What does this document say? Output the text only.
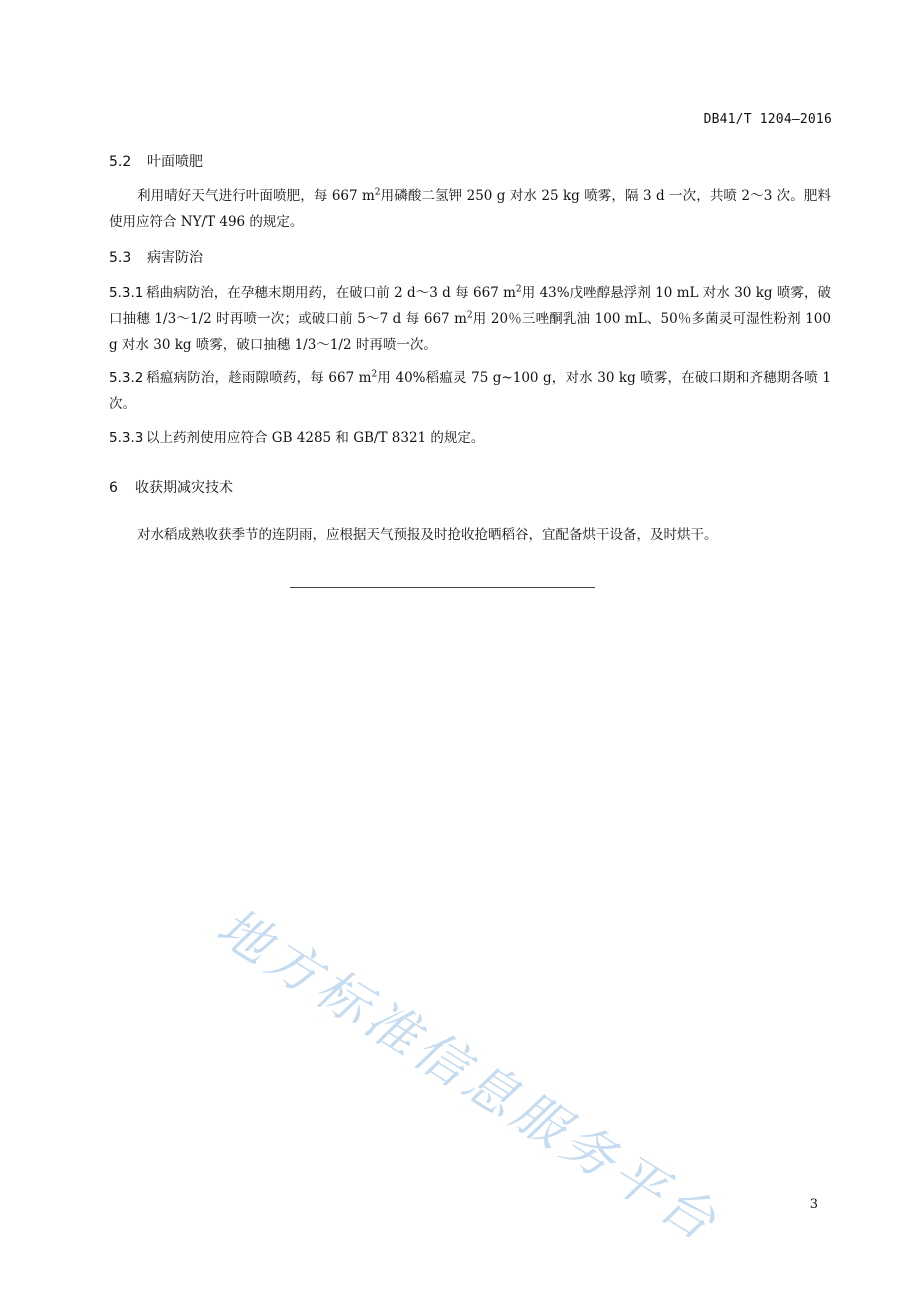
DB41/T 1204—2016
5.2 叶面喷肥
利用晴好天气进行叶面喷肥，每 667 $m^2$用磷酸二氢钾 250 g 对水 25 kg 喷雾，隔 3 d 一次，共喷 2～3 次。肥料使用应符合 NY/T 496 的规定。
5.3 病害防治
5.3.1 稻曲病防治，在孕穗末期用药，在破口前 2 d～3 d 每 667 $m^2$用 43%戊唑醇悬浮剂 10 mL 对水 30 kg 喷雾，破口抽穗 1/3～1/2 时再喷一次；或破口前 5～7 d 每 667 $m^2$用 20％三唑酮乳油 100 mL、50％多菌灵可湿性粉剂 100 g 对水 30 kg 喷雾，破口抽穗 1/3～1/2 时再喷一次。
5.3.2 稻瘟病防治，趁雨隙喷药，每 667 $m^2$用 40%稻瘟灵 75 g~100 g，对水 30 kg 喷雾，在破口期和齐穗期各喷 1 次。
5.3.3 以上药剂使用应符合 GB 4285 和 GB/T 8321 的规定。
6 收获期减灾技术
对水稻成熟收获季节的连阴雨，应根据天气预报及时抢收抢晒稻谷，宜配备烘干设备，及时烘干。
地方标准信息服务平台	3
